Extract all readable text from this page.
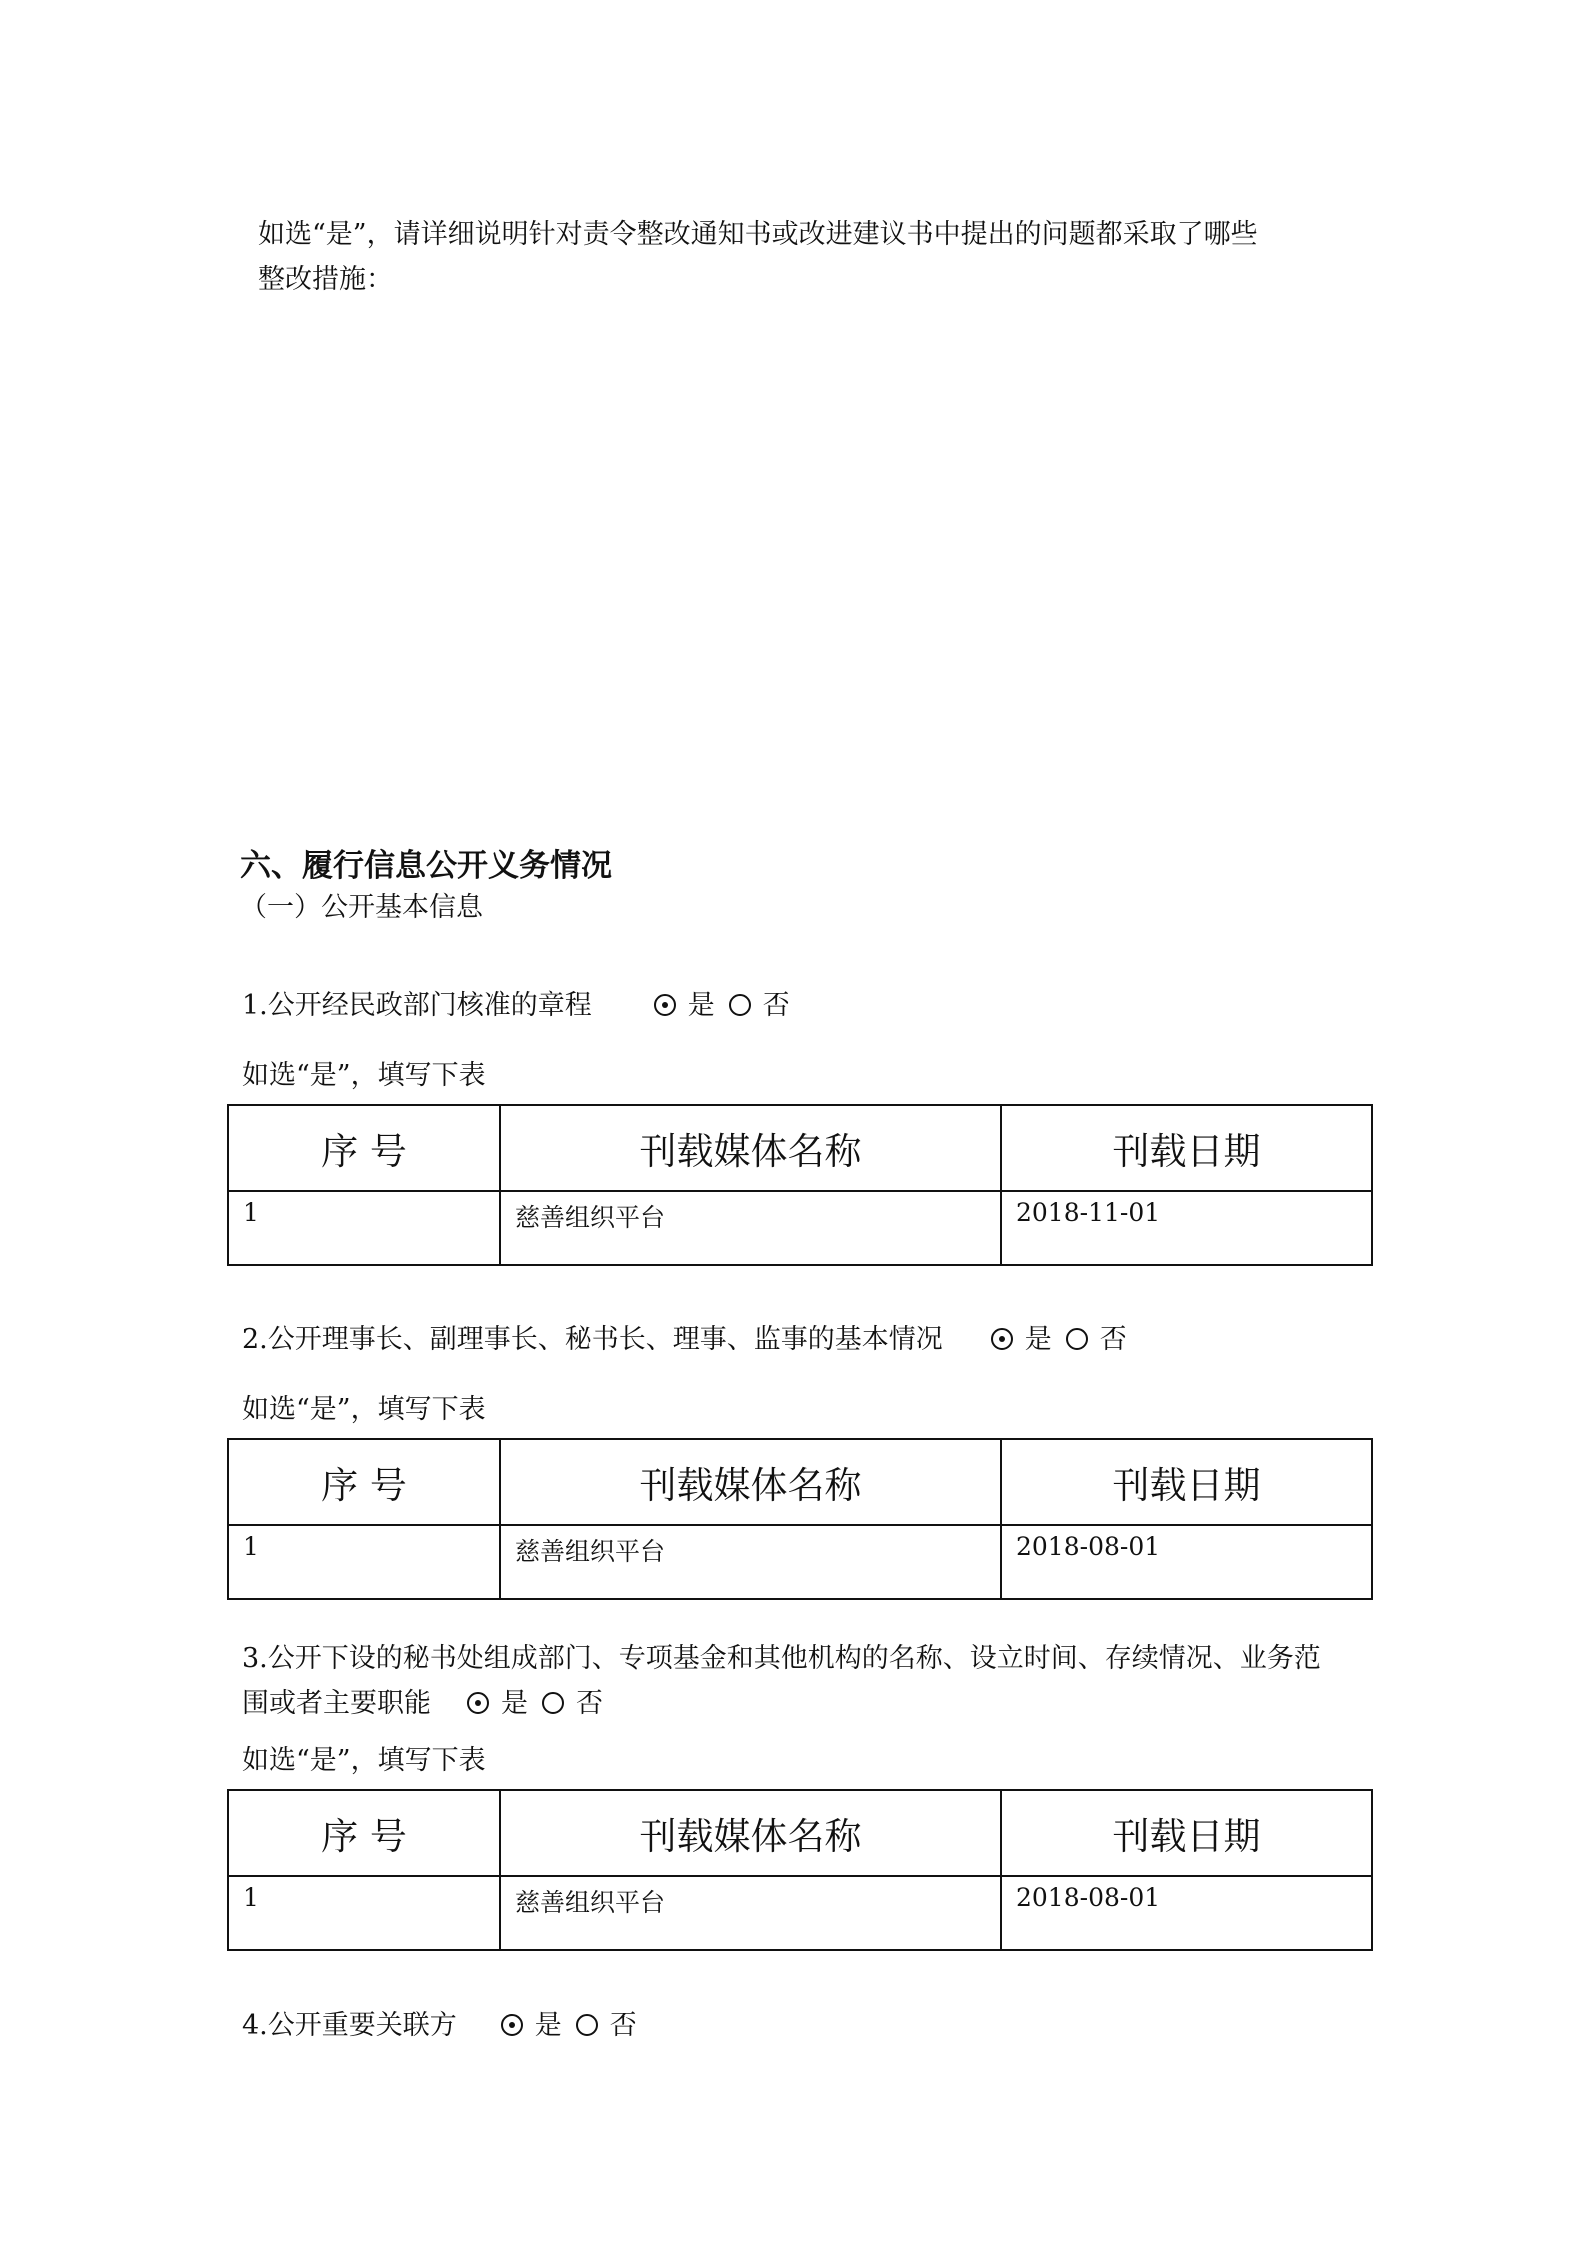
如选“是”，请详细说明针对责令整改通知书或改进建议书中提出的问题都采取了哪些
整改措施：
六、履行信息公开义务情况
（一）公开基本信息
1.公开经民政部门核准的章程	是 否
如选“是”，填写下表
序 号	刊载媒体名称	刊载日期
1	慈善组织平台	2018-11-01
2.公开理事长、副理事长、秘书长、理事、监事的基本情况	是 否
如选“是”，填写下表
序 号	刊载媒体名称	刊载日期
1	慈善组织平台	2018-08-01
3.公开下设的秘书处组成部门、专项基金和其他机构的名称、设立时间、存续情况、业务范
围或者主要职能	是 否
如选“是”，填写下表
序 号	刊载媒体名称	刊载日期
1	慈善组织平台	2018-08-01
4.公开重要关联方	是 否
